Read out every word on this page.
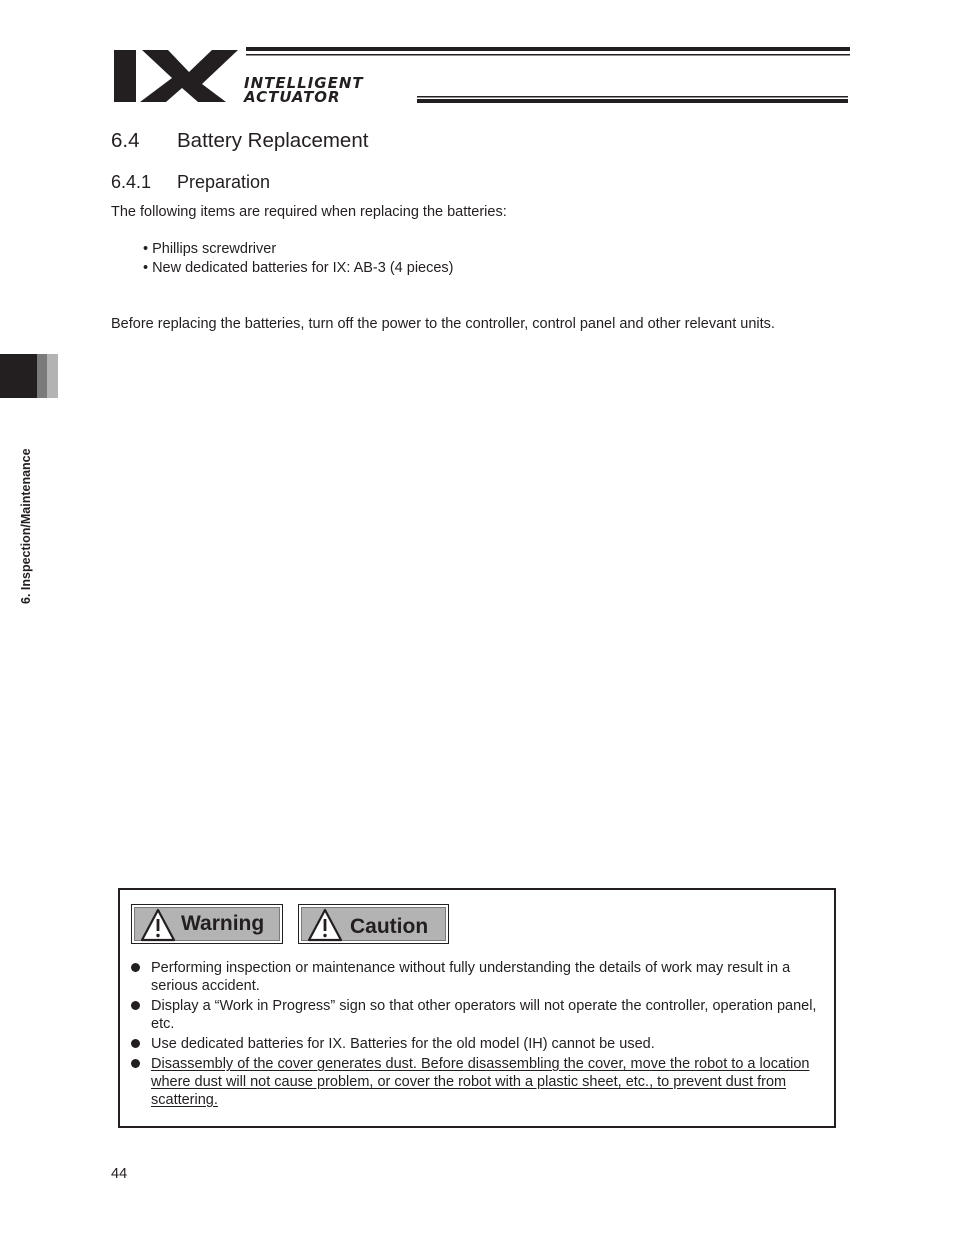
INTELLIGENT
ACTUATOR
6.4 Battery Replacement
6.4.1 Preparation

The following items are required when replacing the batteries:

• Phillips screwdriver
• New dedicated batteries for IX: AB-3 (4 pieces)

Before replacing the batteries, turn off the power to the controller, control panel and other relevant units.

6. Inspection/Maintenance
Warning	Caution
Performing inspection or maintenance without fully understanding the details of work may result in a serious accident.
Display a “Work in Progress” sign so that other operators will not operate the controller, operation panel, etc.
Use dedicated batteries for IX. Batteries for the old model (IH) cannot be used.
Disassembly of the cover generates dust. Before disassembling the cover, move the robot to a location where dust will not cause problem, or cover the robot with a plastic sheet, etc., to prevent dust from scattering.
44
